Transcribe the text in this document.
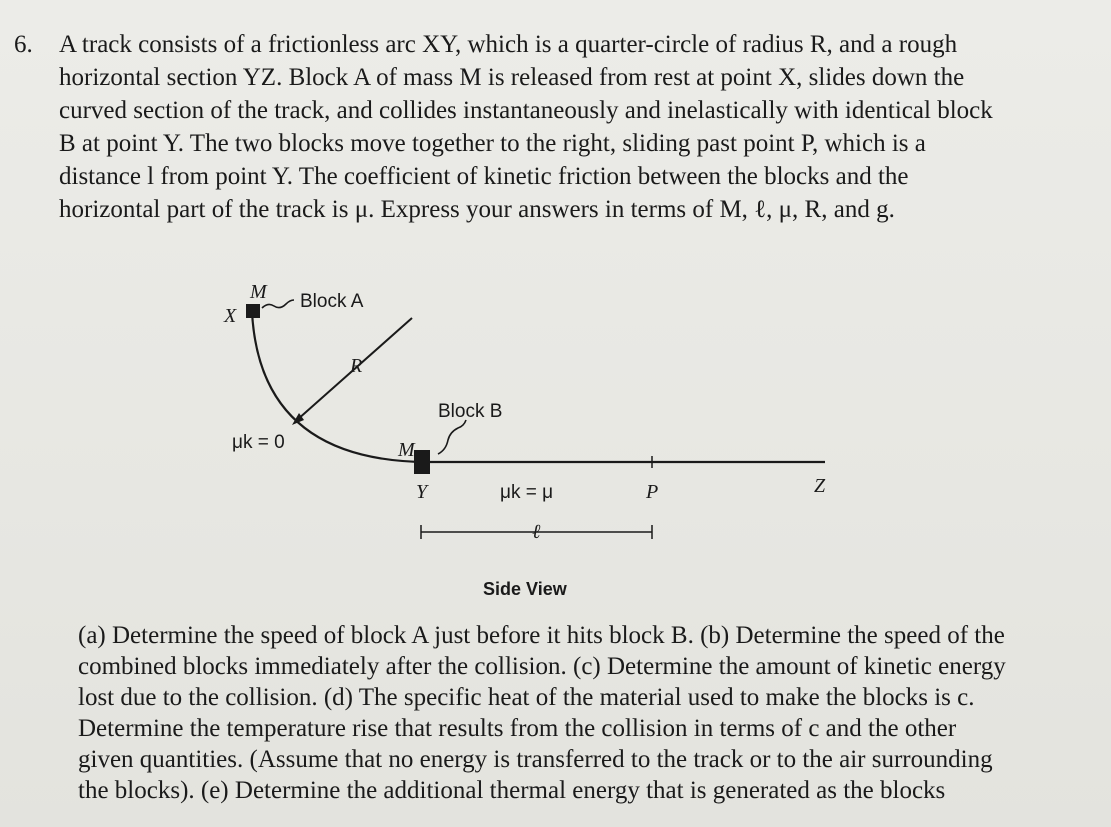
6. A track consists of a frictionless arc XY, which is a quarter-circle of radius R, and a rough
horizontal section YZ. Block A of mass M is released from rest at point X, slides down the
curved section of the track, and collides instantaneously and inelastically with identical block
B at point Y. The two blocks move together to the right, sliding past point P, which is a
distance l from point Y. The coefficient of kinetic friction between the blocks and the
horizontal part of the track is μ. Express your answers in terms of M, ℓ, μ, R, and g.
X
M Block A
R
μk = 0	M
Block B
Y	μk = μ	P	Z
ℓ
Side View
(a) Determine the speed of block A just before it hits block B. (b) Determine the speed of the
combined blocks immediately after the collision. (c) Determine the amount of kinetic energy
lost due to the collision. (d) The specific heat of the material used to make the blocks is c.
Determine the temperature rise that results from the collision in terms of c and the other
given quantities. (Assume that no energy is transferred to the track or to the air surrounding
the blocks). (e) Determine the additional thermal energy that is generated as the blocks
